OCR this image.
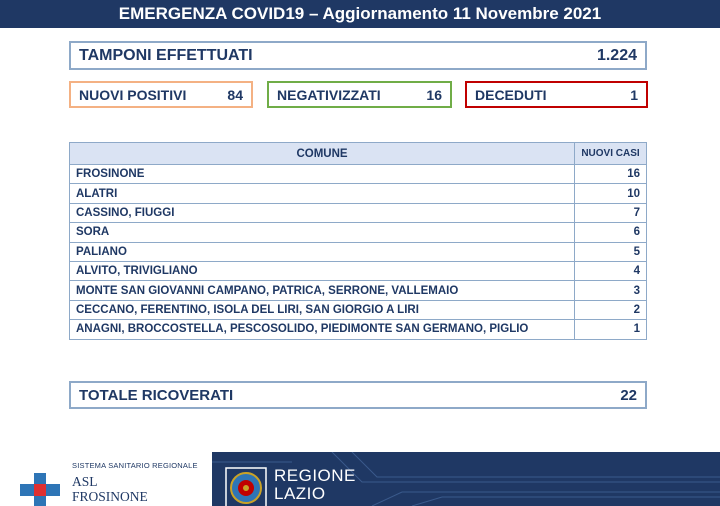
EMERGENZA COVID19 – Aggiornamento 11 Novembre 2021
TAMPONI EFFETTUATI	1.224
NUOVI POSITIVI	84 NEGATIVIZZATI	16 DECEDUTI	1
COMUNE	NUOVI CASI
FROSINONE	16
ALATRI	10
CASSINO, FIUGGI	7
SORA	6
PALIANO	5
ALVITO, TRIVIGLIANO	4
MONTE SAN GIOVANNI CAMPANO, PATRICA, SERRONE, VALLEMAIO	3
CECCANO, FERENTINO, ISOLA DEL LIRI, SAN GIORGIO A LIRI	2
ANAGNI, BROCCOSTELLA, PESCOSOLIDO, PIEDIMONTE SAN GERMANO, PIGLIO	1
TOTALE RICOVERATI	22
SISTEMA SANITARIO REGIONALE
ASL
FROSINONE
REGIONE
LAZIO
